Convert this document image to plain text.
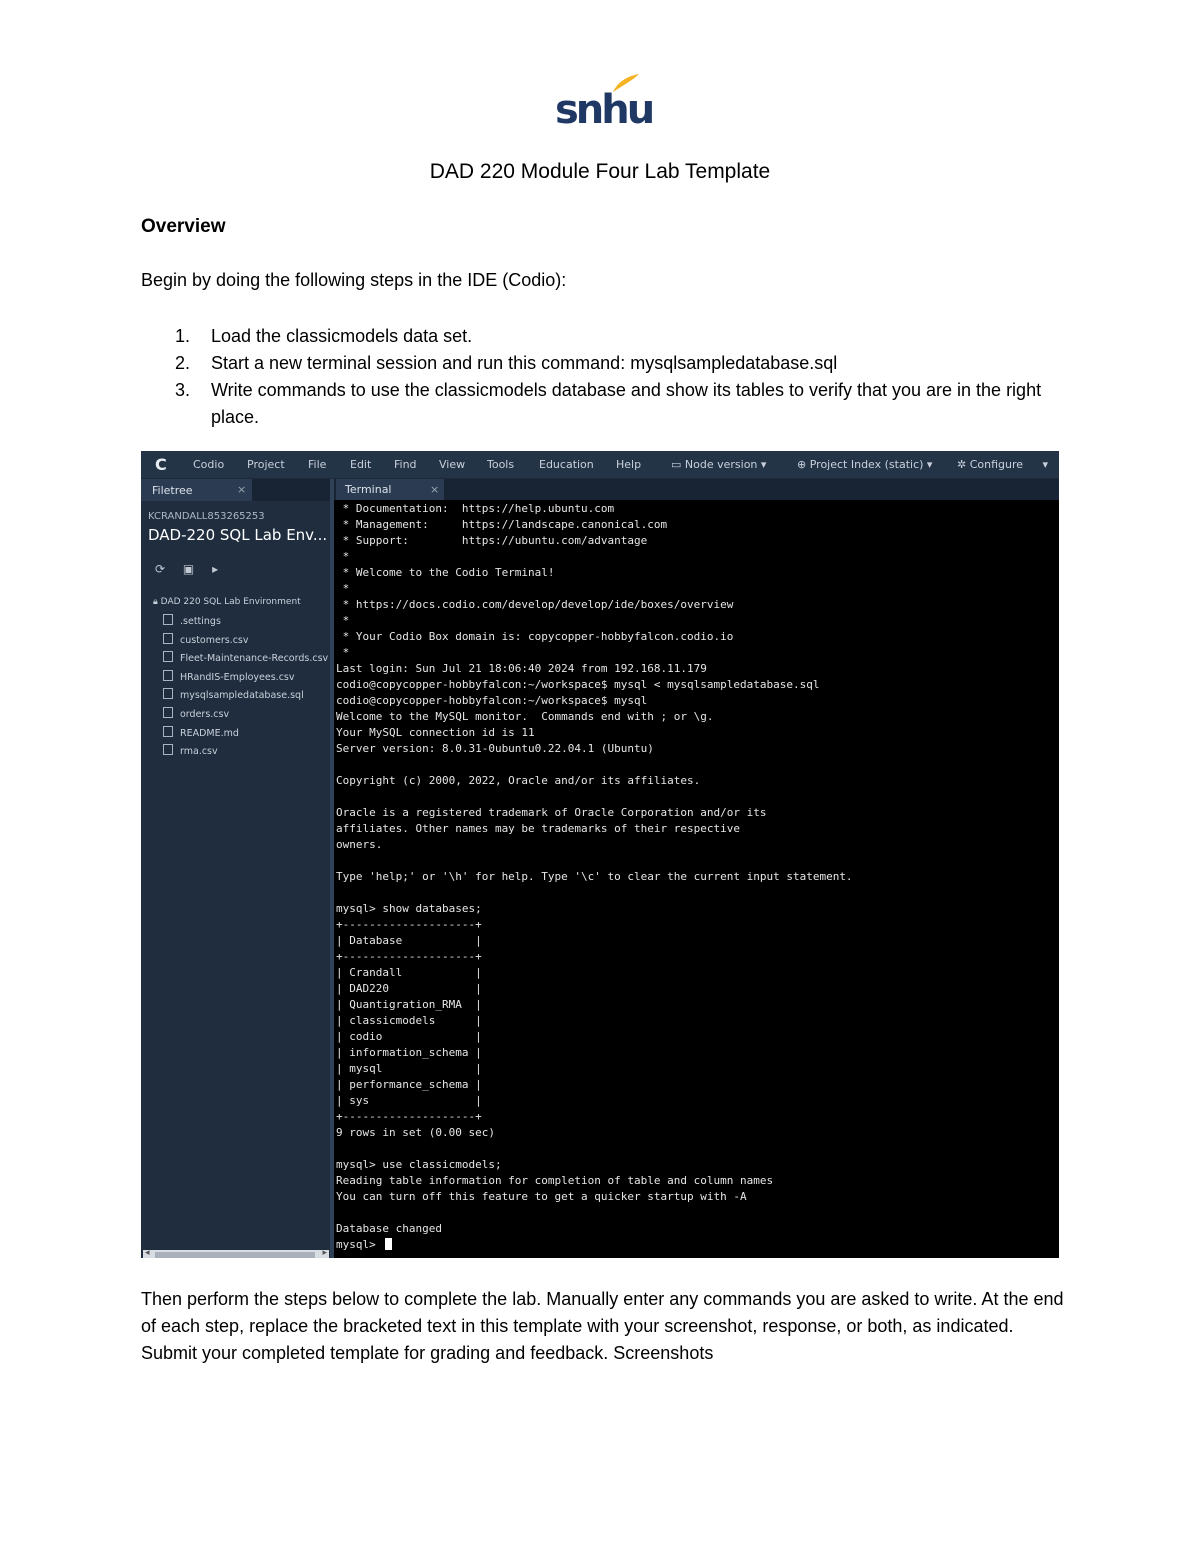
snhu
DAD 220 Module Four Lab Template
Overview
Begin by doing the following steps in the IDE (Codio):
1. Load the classicmodels data set.
2. Start a new terminal session and run this command: mysqlsampledatabase.sql
3. Write commands to use the classicmodels database and show its tables to verify that you are in the right place.
C Codio Project File Edit Find View Tools Education Help	▭ Node version ▾	⊕ Project Index (static) ▾ ✲ Configure ▾
Filetree	×
KCRANDALL853265253
DAD-220 SQL Lab Env...
⟳ ▣ ▸
🔒︎ DAD 220 SQL Lab Environment
.settings
customers.csv
Fleet-Maintenance-Records.csv
HRandIS-Employees.csv
mysqlsampledatabase.sql
orders.csv
README.md
rma.csv
◂	▸
Terminal	×
* Documentation:  https://help.ubuntu.com
* Management:     https://landscape.canonical.com
* Support:        https://ubuntu.com/advantage
*
* Welcome to the Codio Terminal!
*
* https://docs.codio.com/develop/develop/ide/boxes/overview
*
* Your Codio Box domain is: copycopper-hobbyfalcon.codio.io
*
Last login: Sun Jul 21 18:06:40 2024 from 192.168.11.179
codio@copycopper-hobbyfalcon:~/workspace$ mysql < mysqlsampledatabase.sql
codio@copycopper-hobbyfalcon:~/workspace$ mysql
Welcome to the MySQL monitor.  Commands end with ; or \g.
Your MySQL connection id is 11
Server version: 8.0.31-0ubuntu0.22.04.1 (Ubuntu)
Copyright (c) 2000, 2022, Oracle and/or its affiliates.
Oracle is a registered trademark of Oracle Corporation and/or its
affiliates. Other names may be trademarks of their respective
owners.
Type 'help;' or '\h' for help. Type '\c' to clear the current input statement.
mysql> show databases;
+--------------------+
| Database           |
+--------------------+
| Crandall           |
| DAD220             |
| Quantigration_RMA  |
| classicmodels      |
| codio              |
| information_schema |
| mysql              |
| performance_schema |
| sys                |
+--------------------+
9 rows in set (0.00 sec)
mysql> use classicmodels;
Reading table information for completion of table and column names
You can turn off this feature to get a quicker startup with -A
Database changed
mysql>
Then perform the steps below to complete the lab. Manually enter any commands you are asked to write. At the end of each step, replace the bracketed text in this template with your screenshot, response, or both, as indicated. Submit your completed template for grading and feedback. Screenshots
